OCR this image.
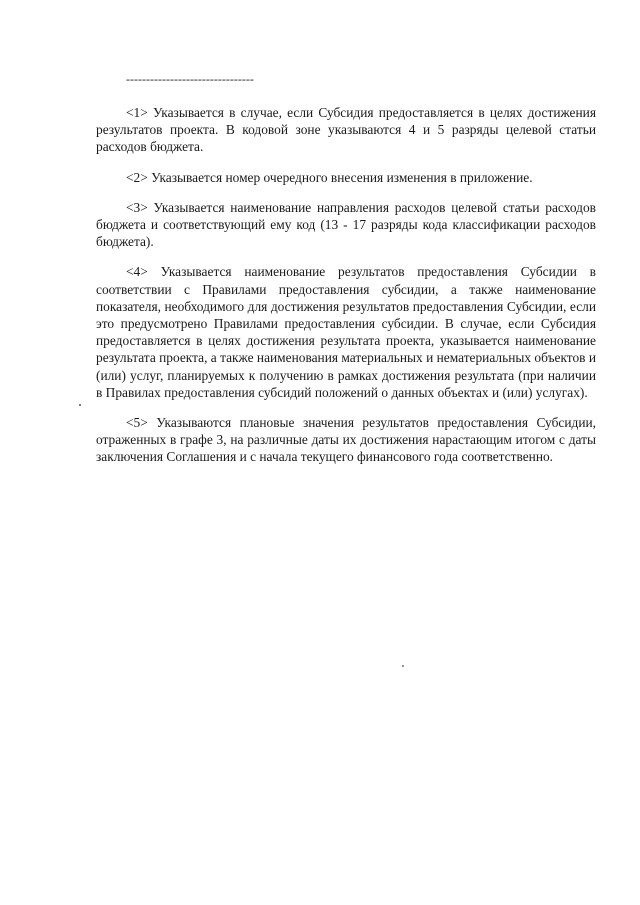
--------------------------------

<1> Указывается в случае, если Субсидия предоставляется в целях достижения результатов проекта. В кодовой зоне указываются 4 и 5 разряды целевой статьи расходов бюджета.

<2> Указывается номер очередного внесения изменения в приложение.

<3> Указывается наименование направления расходов целевой статьи расходов бюджета и соответствующий ему код (13 - 17 разряды кода классификации расходов бюджета).

<4> Указывается наименование результатов предоставления Субсидии в соответствии с Правилами предоставления субсидии, а также наименование показателя, необходимого для достижения результатов предоставления Субсидии, если это предусмотрено Правилами предоставления субсидии. В случае, если Субсидия предоставляется в целях достижения результата проекта, указывается наименование результата проекта, а также наименования материальных и нематериальных объектов и (или) услуг, планируемых к получению в рамках достижения результата (при наличии в Правилах предоставления субсидий положений о данных объектах и (или) услугах).

<5> Указываются плановые значения результатов предоставления Субсидии, отраженных в графе 3, на различные даты их достижения нарастающим итогом с даты заключения Соглашения и с начала текущего финансового года соответственно.
